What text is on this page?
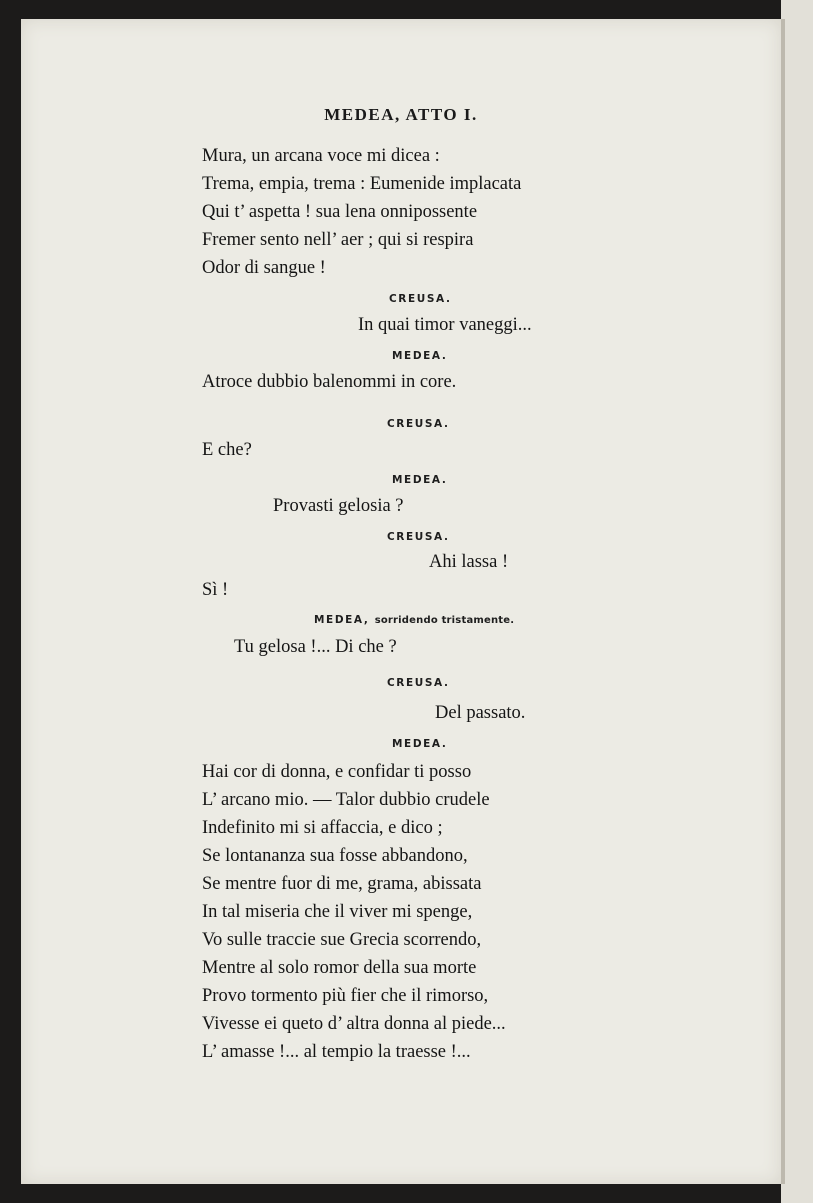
MEDEA, ATTO I.
Mura, un arcana voce mi dicea :
Trema, empia, trema : Eumenide implacata
Qui t’ aspetta ! sua lena onnipossente
Fremer sento nell’ aer ; qui si respira
Odor di sangue !
CREUSA.
In quai timor vaneggi...
MEDEA.
Atroce dubbio balenommi in core.
CREUSA.
E che?
MEDEA.
Provasti gelosia ?
CREUSA.
Ahi lassa !
Sì !
MEDEA, sorridendo tristamente.
Tu gelosa !... Di che ?
CREUSA.
Del passato.
MEDEA.
Hai cor di donna, e confidar ti posso
L’ arcano mio. — Talor dubbio crudele
Indefinito mi si affaccia, e dico ;
Se lontananza sua fosse abbandono,
Se mentre fuor di me, grama, abissata
In tal miseria che il viver mi spenge,
Vo sulle traccie sue Grecia scorrendo,
Mentre al solo romor della sua morte
Provo tormento più fier che il rimorso,
Vivesse ei queto d’ altra donna al piede...
L’ amasse !... al tempio la traesse !...
